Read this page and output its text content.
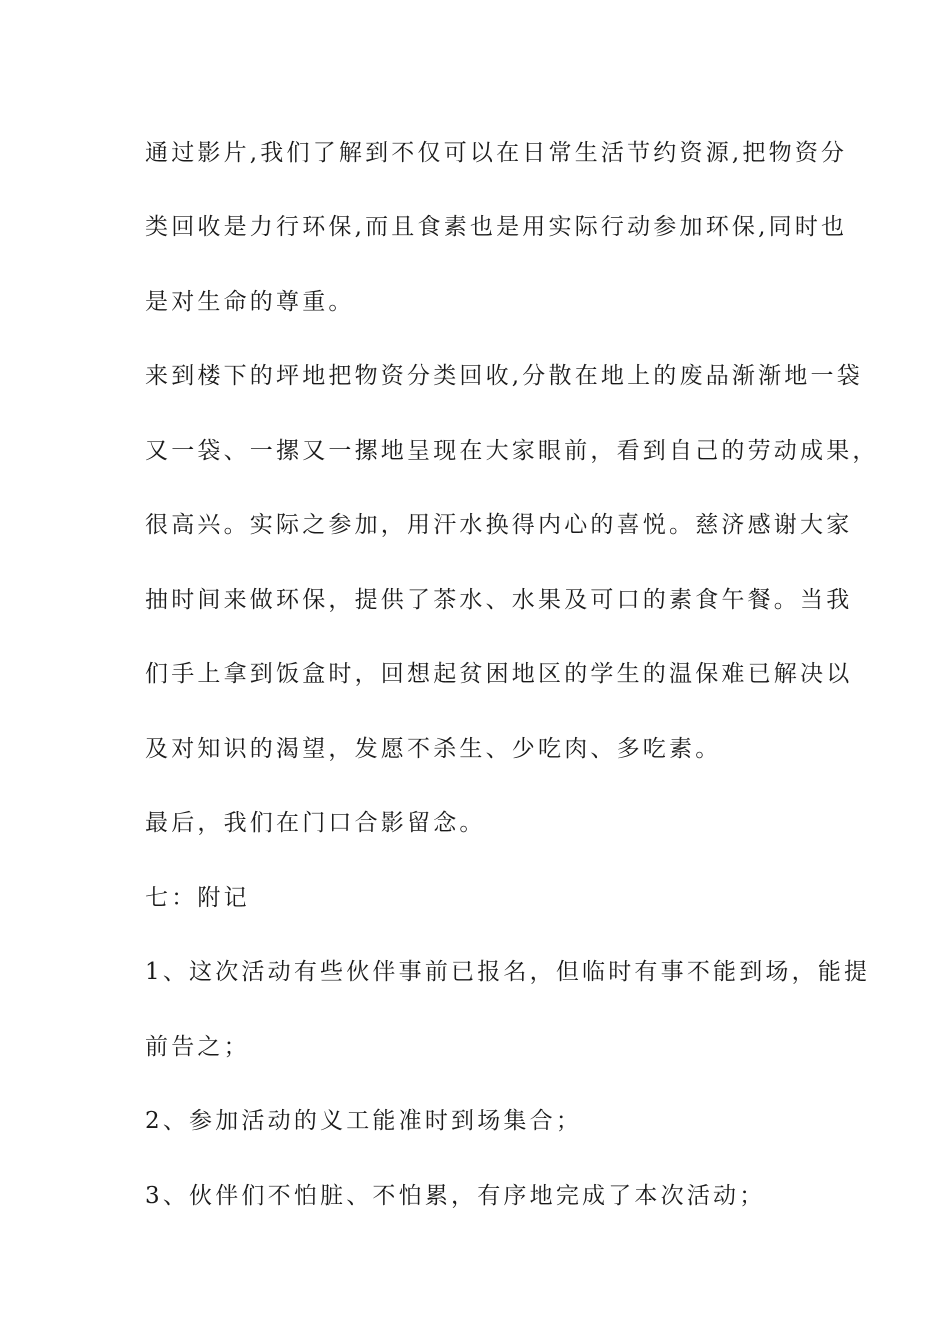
通过影片,我们了解到不仅可以在日常生活节约资源,把物资分
类回收是力行环保,而且食素也是用实际行动参加环保,同时也
是对生命的尊重。
来到楼下的坪地把物资分类回收,分散在地上的废品渐渐地一袋
又一袋、一摞又一摞地呈现在大家眼前，看到自己的劳动成果，
很高兴。实际之参加，用汗水换得内心的喜悦。慈济感谢大家
抽时间来做环保，提供了茶水、水果及可口的素食午餐。当我
们手上拿到饭盒时，回想起贫困地区的学生的温保难已解决以
及对知识的渴望，发愿不杀生、少吃肉、多吃素。
最后，我们在门口合影留念。
七：附记
1、这次活动有些伙伴事前已报名，但临时有事不能到场，能提
前告之；
2、参加活动的义工能准时到场集合；
3、伙伴们不怕脏、不怕累，有序地完成了本次活动；
